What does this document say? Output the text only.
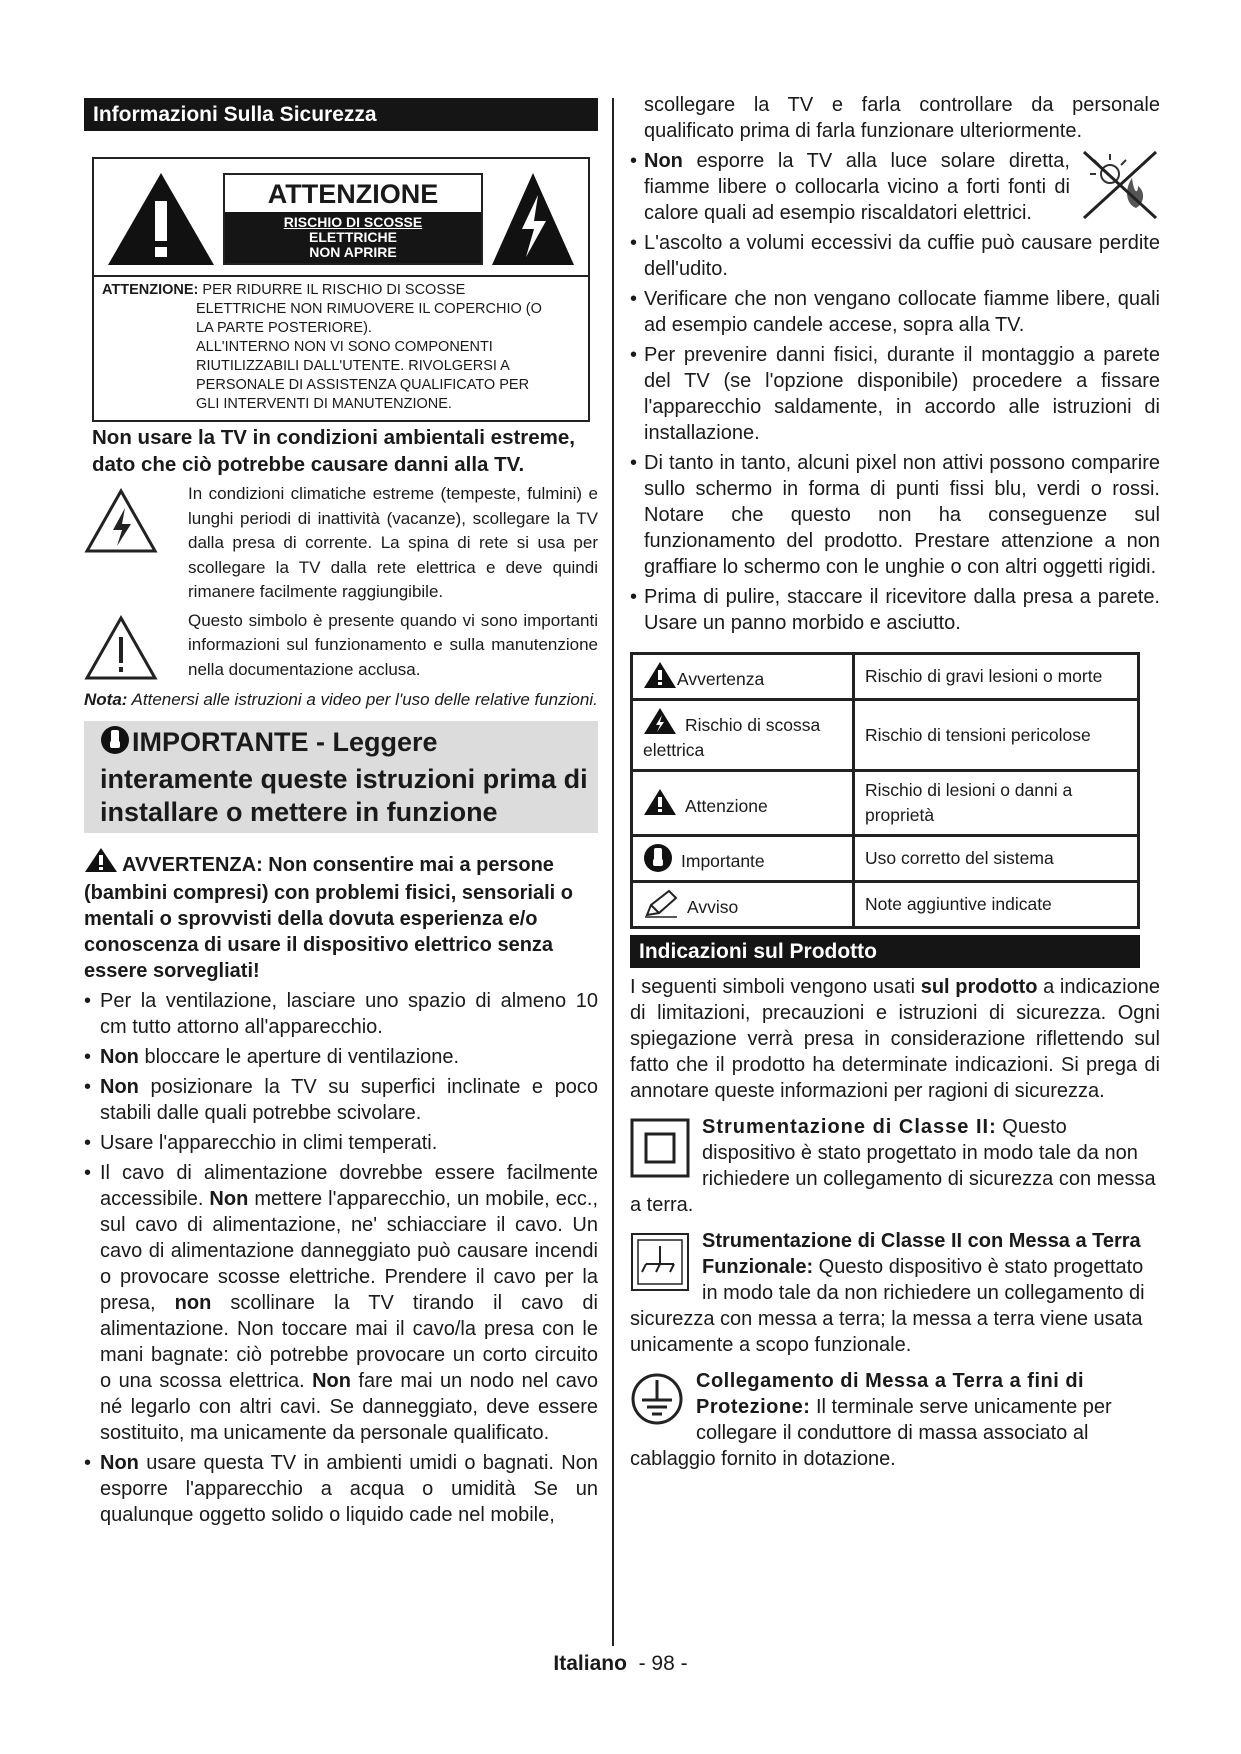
Informazioni Sulla Sicurezza
ATTENZIONE
RISCHIO DI SCOSSE
ELETTRICHE
NON APRIRE
ATTENZIONE: PER RIDURRE IL RISCHIO DI SCOSSE
ELETTRICHE NON RIMUOVERE IL COPERCHIO (O
LA PARTE POSTERIORE).
ALL'INTERNO NON VI SONO COMPONENTI
RIUTILIZZABILI DALL'UTENTE. RIVOLGERSI A
PERSONALE DI ASSISTENZA QUALIFICATO PER
GLI INTERVENTI DI MANUTENZIONE.
Non usare la TV in condizioni ambientali estreme, dato che ciò potrebbe causare danni alla TV.
In condizioni climatiche estreme (tempeste, fulmini) e lunghi periodi di inattività (vacanze), scollegare la TV dalla presa di corrente. La spina di rete si usa per scollegare la TV dalla rete elettrica e deve quindi rimanere facilmente raggiungibile.
Questo simbolo è presente quando vi sono importanti informazioni sul funzionamento e sulla manutenzione nella documentazione acclusa.
Nota: Attenersi alle istruzioni a video per l'uso delle relative funzioni.
IMPORTANTE - Leggere interamente queste istruzioni prima di installare o mettere in funzione
AVVERTENZA: Non consentire mai a persone (bambini compresi) con problemi fisici, sensoriali o mentali o sprovvisti della dovuta esperienza e/o conoscenza di usare il dispositivo elettrico senza essere sorvegliati!
• Per la ventilazione, lasciare uno spazio di almeno 10 cm tutto attorno all'apparecchio.
• Non bloccare le aperture di ventilazione.
• Non posizionare la TV su superfici inclinate e poco stabili dalle quali potrebbe scivolare.
• Usare l'apparecchio in climi temperati.
• Il cavo di alimentazione dovrebbe essere facilmente accessibile. Non mettere l'apparecchio, un mobile, ecc., sul cavo di alimentazione, ne' schiacciare il cavo. Un cavo di alimentazione danneggiato può causare incendi o provocare scosse elettriche. Prendere il cavo per la presa, non scollinare la TV tirando il cavo di alimentazione. Non toccare mai il cavo/la presa con le mani bagnate: ciò potrebbe provocare un corto circuito o una scossa elettrica. Non fare mai un nodo nel cavo né legarlo con altri cavi. Se danneggiato, deve essere sostituito, ma unicamente da personale qualificato.
• Non usare questa TV in ambienti umidi o bagnati. Non esporre l'apparecchio a acqua o umidità Se un qualunque oggetto solido o liquido cade nel mobile,
scollegare la TV e farla controllare da personale qualificato prima di farla funzionare ulteriormente.
• Non esporre la TV alla luce solare diretta, fiamme libere o collocarla vicino a forti fonti di calore quali ad esempio riscaldatori elettrici.
• L'ascolto a volumi eccessivi da cuffie può causare perdite dell'udito.
• Verificare che non vengano collocate fiamme libere, quali ad esempio candele accese, sopra alla TV.
• Per prevenire danni fisici, durante il montaggio a parete del TV (se l'opzione disponibile) procedere a fissare l'apparecchio saldamente, in accordo alle istruzioni di installazione.
• Di tanto in tanto, alcuni pixel non attivi possono comparire sullo schermo in forma di punti fissi blu, verdi o rossi. Notare che questo non ha conseguenze sul funzionamento del prodotto. Prestare attenzione a non graffiare lo schermo con le unghie o con altri oggetti rigidi.
• Prima di pulire, staccare il ricevitore dalla presa a parete. Usare un panno morbido e asciutto.
Avvertenza	Rischio di gravi lesioni o morte
Rischio di scossa elettrica	Rischio di tensioni pericolose
Attenzione	Rischio di lesioni o danni a proprietà
Importante	Uso corretto del sistema
Avviso	Note aggiuntive indicate
Indicazioni sul Prodotto
I seguenti simboli vengono usati sul prodotto a indicazione di limitazioni, precauzioni e istruzioni di sicurezza. Ogni spiegazione verrà presa in considerazione riflettendo sul fatto che il prodotto ha determinate indicazioni. Si prega di annotare queste informazioni per ragioni di sicurezza.
Strumentazione di Classe II: Questo dispositivo è stato progettato in modo tale da non richiedere un collegamento di sicurezza con messa a terra.
Strumentazione di Classe II con Messa a Terra Funzionale: Questo dispositivo è stato progettato in modo tale da non richiedere un collegamento di sicurezza con messa a terra; la messa a terra viene usata unicamente a scopo funzionale.
Collegamento di Messa a Terra a fini di Protezione: Il terminale serve unicamente per collegare il conduttore di massa associato al cablaggio fornito in dotazione.
Italiano - 98 -
